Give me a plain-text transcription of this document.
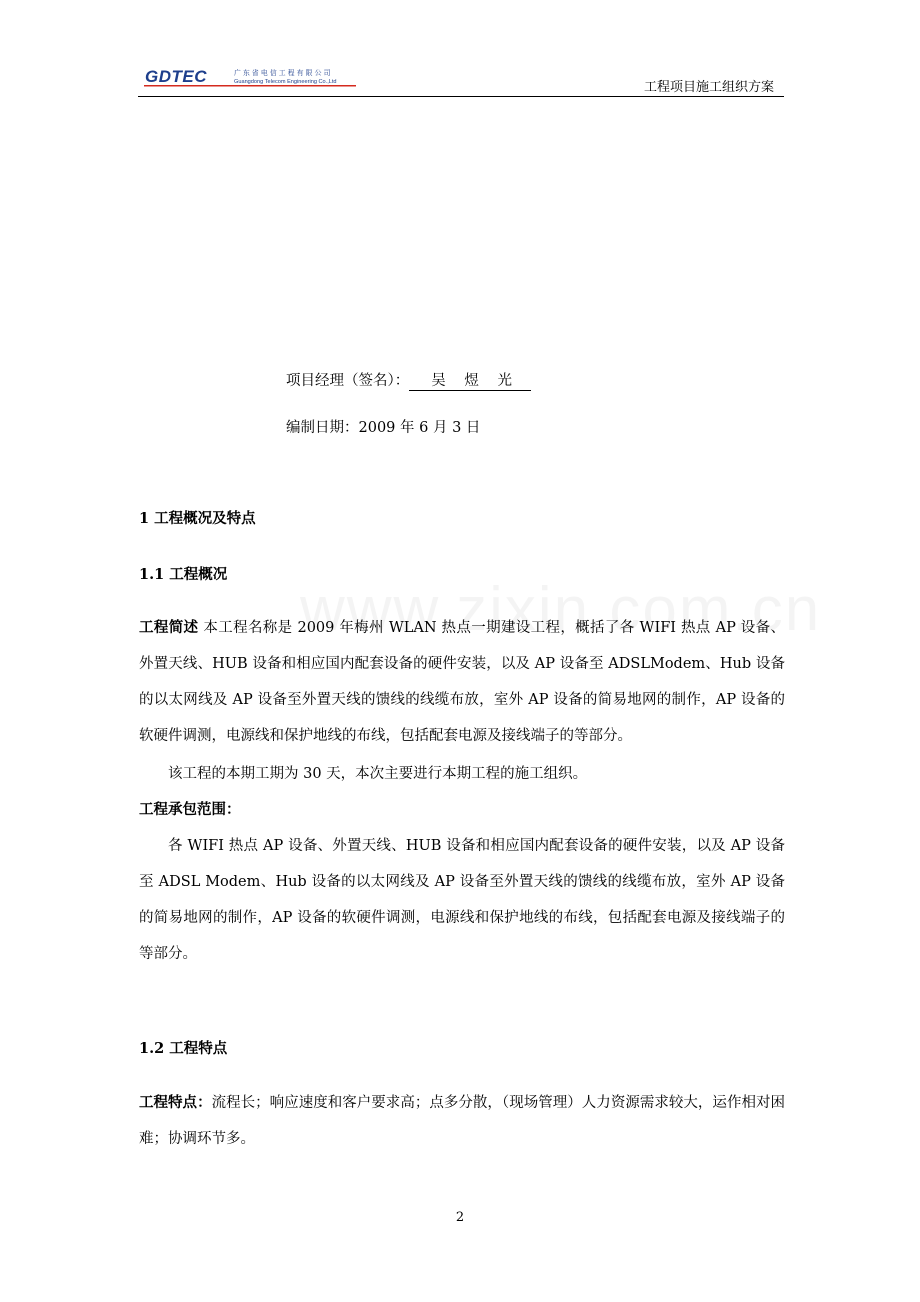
GDTEC	广 东 省 电 信 工 程 有 限 公 司
Guangdong Telecom Engineering Co.,Ltd	工程项目施工组织方案
项目经理（签名）： 吴 煜 光
编制日期：2009 年 6 月 3 日
1 工程概况及特点
1.1 工程概况
工程简述 本工程名称是 2009 年梅州 WLAN 热点一期建设工程，概括了各 WIFI 热点 AP 设备、外置天线、HUB 设备和相应国内配套设备的硬件安装，以及 AP 设备至 ADSLModem、Hub 设备的以太网线及 AP 设备至外置天线的馈线的线缆布放，室外 AP 设备的简易地网的制作，AP 设备的软硬件调测，电源线和保护地线的布线，包括配套电源及接线端子的等部分。
该工程的本期工期为 30 天，本次主要进行本期工程的施工组织。
工程承包范围：
各 WIFI 热点 AP 设备、外置天线、HUB 设备和相应国内配套设备的硬件安装，以及 AP 设备至 ADSL Modem、Hub 设备的以太网线及 AP 设备至外置天线的馈线的线缆布放，室外 AP 设备的简易地网的制作，AP 设备的软硬件调测，电源线和保护地线的布线，包括配套电源及接线端子的等部分。
1.2 工程特点
工程特点：流程长；响应速度和客户要求高；点多分散，（现场管理）人力资源需求较大，运作相对困难；协调环节多。
2
